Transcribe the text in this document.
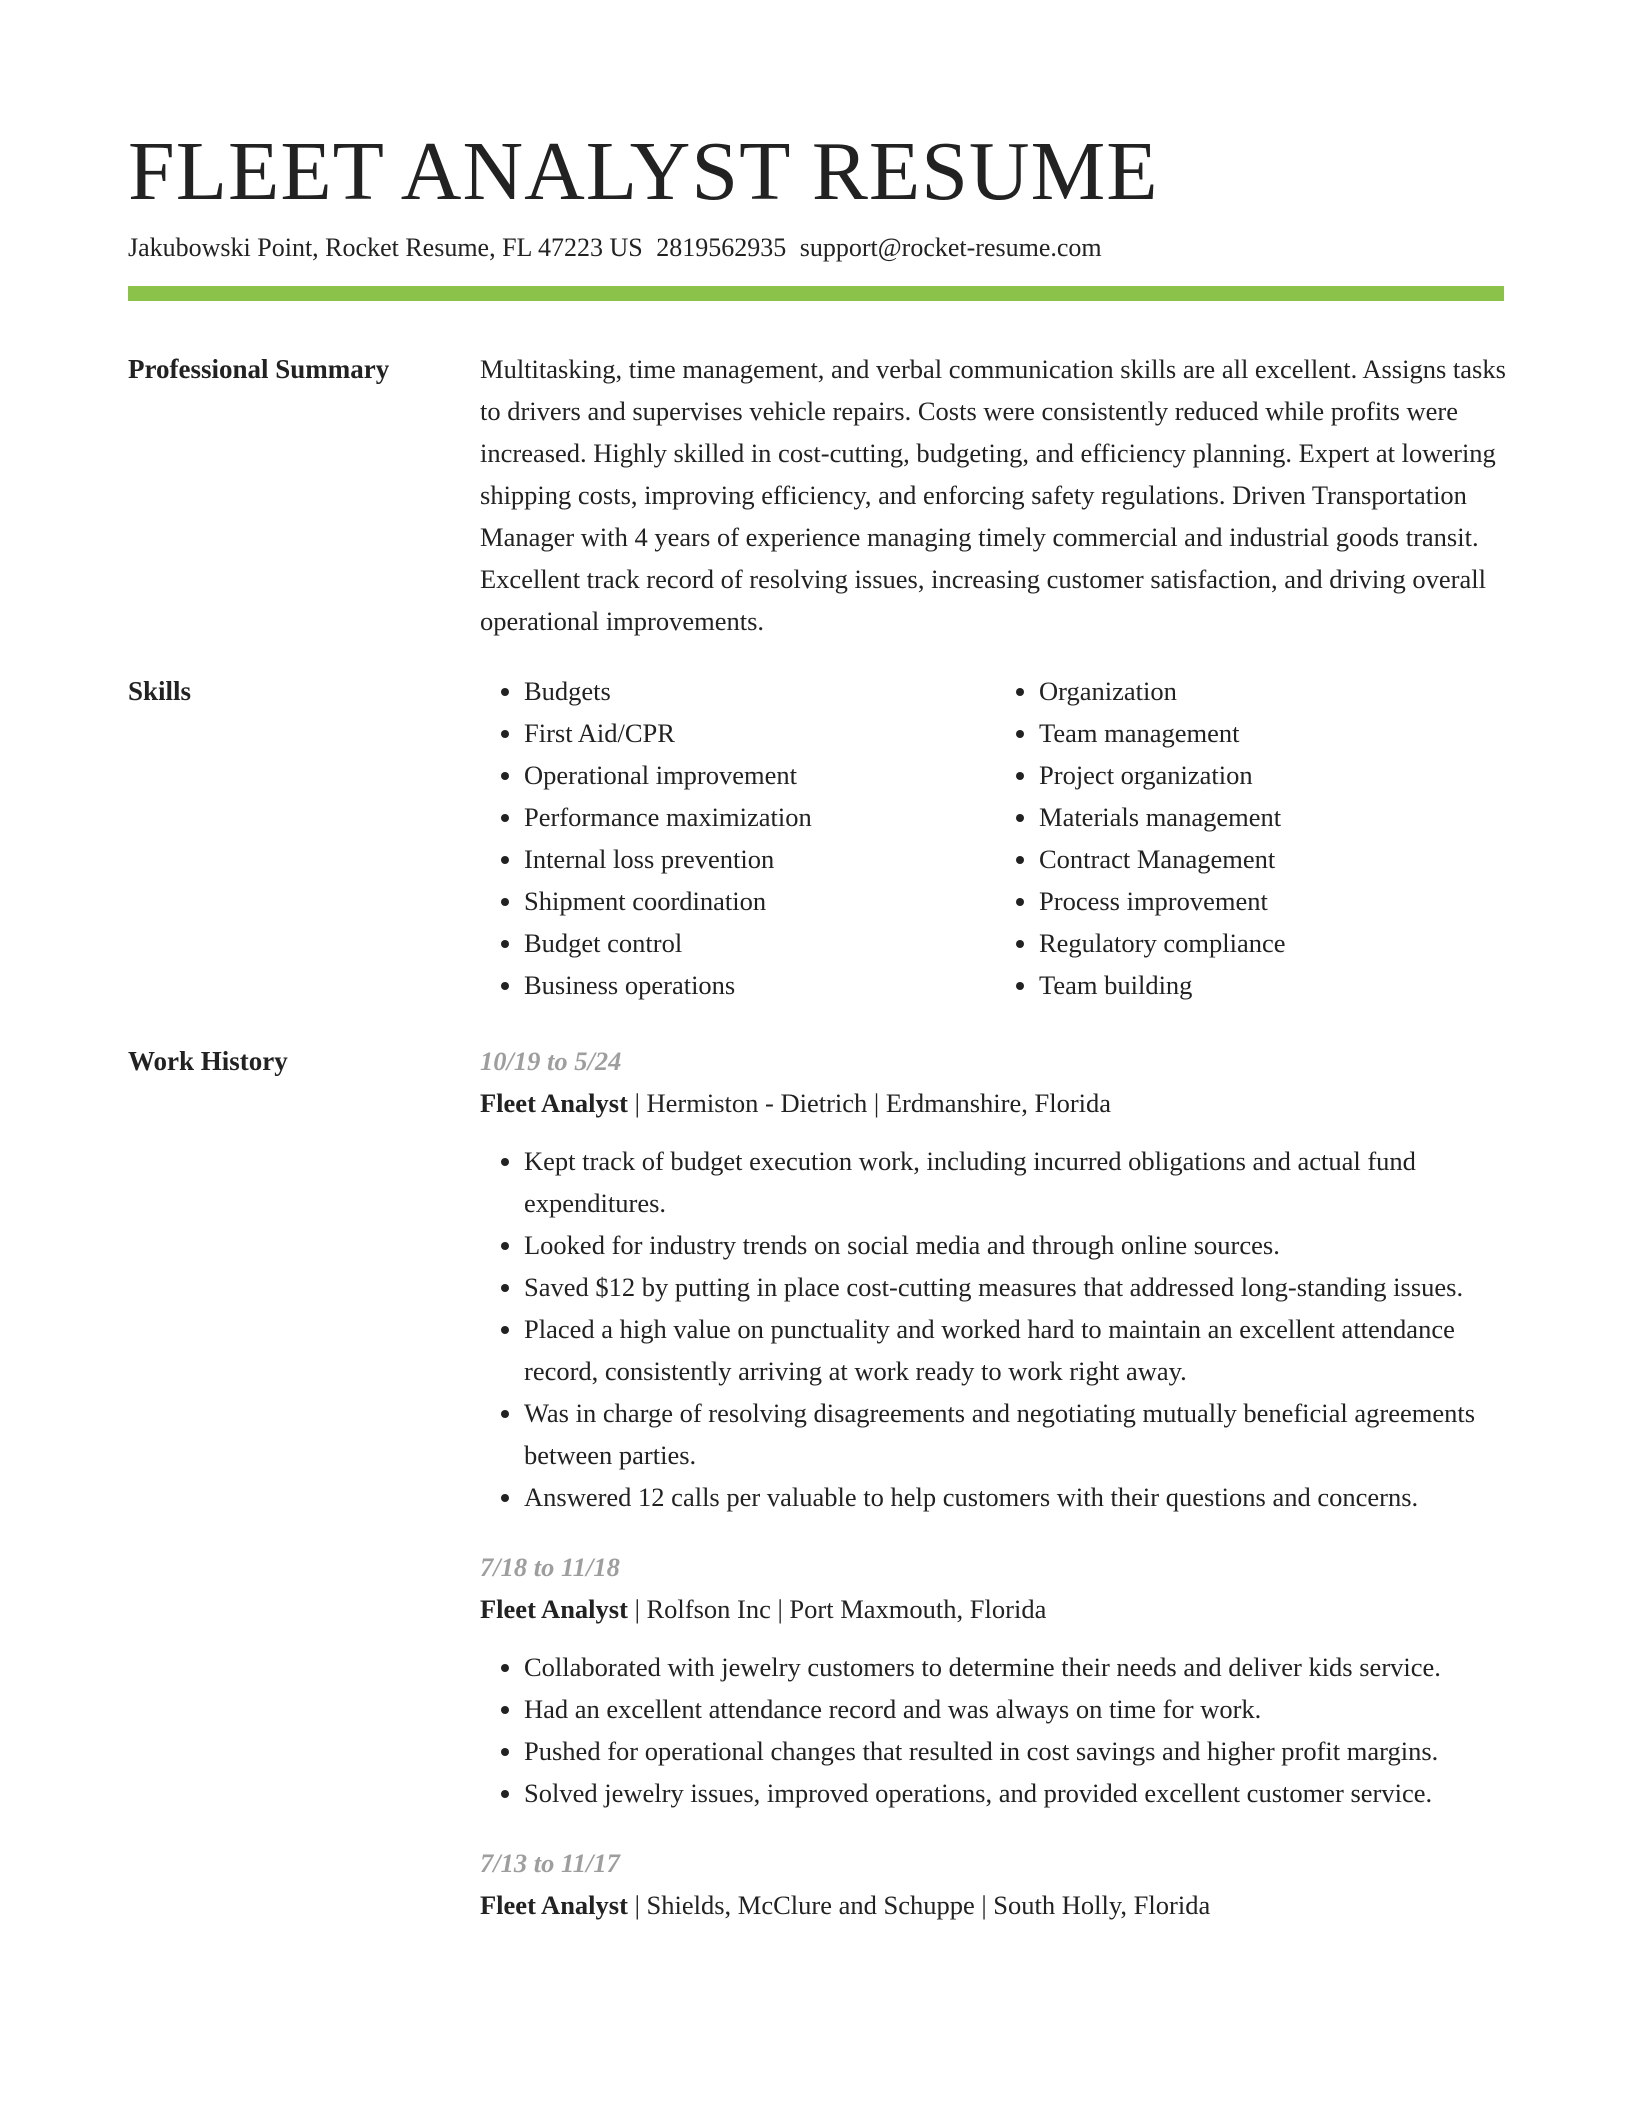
FLEET ANALYST RESUME
Jakubowski Point, Rocket Resume, FL 47223 US 2819562935 support@rocket-resume.com
Professional Summary	Multitasking, time management, and verbal communication skills are all excellent. Assigns tasks to drivers and supervises vehicle repairs. Costs were consistently reduced while profits were increased. Highly skilled in cost-cutting, budgeting, and efficiency planning. Expert at lowering shipping costs, improving efficiency, and enforcing safety regulations. Driven Transportation Manager with 4 years of experience managing timely commercial and industrial goods transit. Excellent track record of resolving issues, increasing customer satisfaction, and driving overall operational improvements.

Skills
•	Budgets
• First Aid/CPR
• Operational improvement
• Performance maximization
• Internal loss prevention
• Shipment coordination
• Budget control
• Business operations
• Organization
• Team management
• Project organization
• Materials management
• Contract Management
• Process improvement
• Regulatory compliance
• Team building
Work History	10/19 to 5/24
Fleet Analyst | Hermiston - Dietrich | Erdmanshire, Florida
• Kept track of budget execution work, including incurred obligations and actual fund expenditures.
• Looked for industry trends on social media and through online sources.
• Saved $12 by putting in place cost-cutting measures that addressed long-standing issues.
• Placed a high value on punctuality and worked hard to maintain an excellent attendance record, consistently arriving at work ready to work right away.
• Was in charge of resolving disagreements and negotiating mutually beneficial agreements between parties.
• Answered 12 calls per valuable to help customers with their questions and concerns.
7/18 to 11/18
Fleet Analyst | Rolfson Inc | Port Maxmouth, Florida
• Collaborated with jewelry customers to determine their needs and deliver kids service.
• Had an excellent attendance record and was always on time for work.
• Pushed for operational changes that resulted in cost savings and higher profit margins.
• Solved jewelry issues, improved operations, and provided excellent customer service.
7/13 to 11/17
Fleet Analyst | Shields, McClure and Schuppe | South Holly, Florida
